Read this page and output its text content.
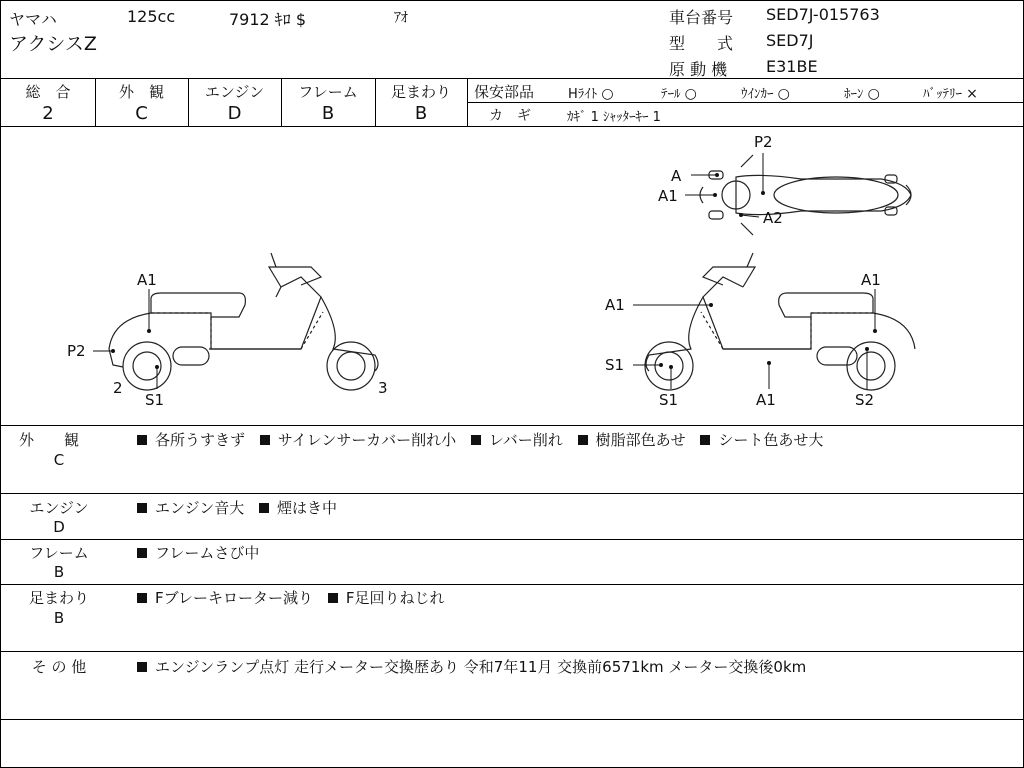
ヤマハ	125cc	7912 ｷﾛ $	ｱｵ
アクシスZ
車台番号 SED7J-015763
型　　式 SED7J
原 動 機 E31BE
総　合
2
外　観
C
エンジン
D
フレーム
B
足まわり
B
保安部品	Hﾗｲﾄ ○	ﾃｰﾙ ○	ｳｲﾝｶｰ ○	ﾎｰﾝ ○	ﾊﾞｯﾃﾘｰ ×
カ　ギ	ｶｷﾞ 1 ｼｬｯﾀｰｷｰ 1
A
A1
P2
A2
A1
P2
2
S1
3
A1
A1
S1
S1	A1	S2
外　　観
C
各所うすきず サイレンサーカバー削れ小 レバー削れ 樹脂部色あせ シート色あせ大
エンジン
D
エンジン音大 煙はき中
フレーム
B
フレームさび中
足まわり
B
Fブレーキローター減り F足回りねじれ
そ の 他	エンジンランプ点灯 走行メーター交換歴あり 令和7年11月 交換前6571km メーター交換後0km
